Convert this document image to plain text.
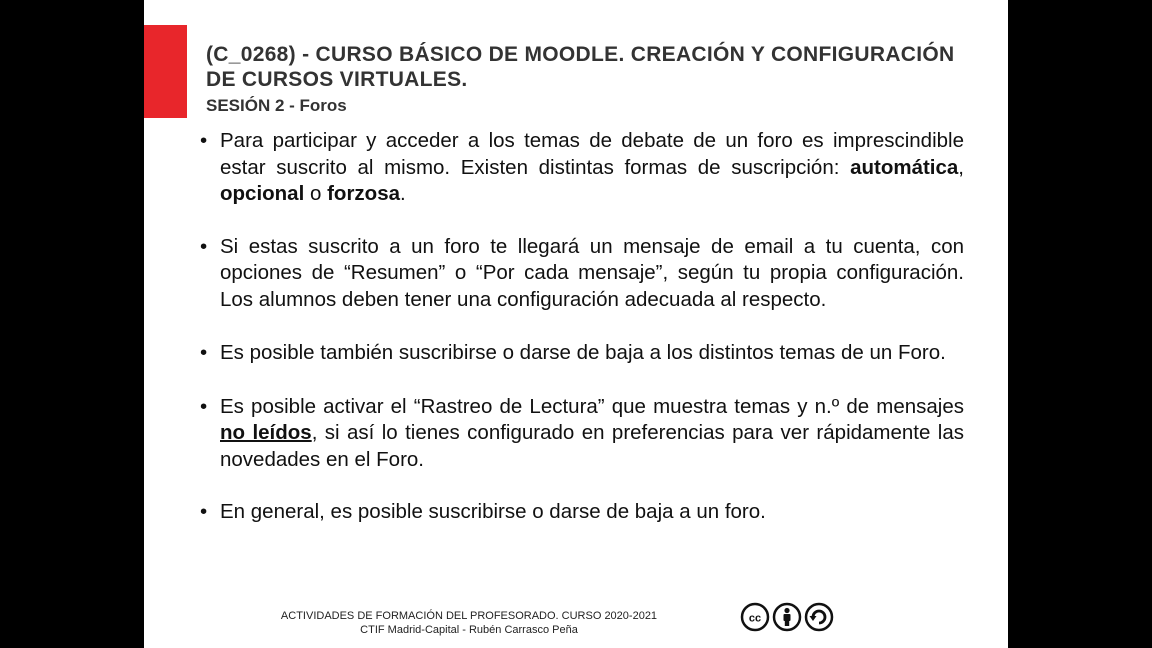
(C_0268) - CURSO BÁSICO DE MOODLE. CREACIÓN Y CONFIGURACIÓN DE CURSOS VIRTUALES.
SESIÓN 2 - Foros
• Para participar y acceder a los temas de debate de un foro es imprescindible estar suscrito al mismo. Existen distintas formas de suscripción: automática, opcional o forzosa.
• Si estas suscrito a un foro te llegará un mensaje de email a tu cuenta, con opciones de “Resumen” o “Por cada mensaje”, según tu propia configuración. Los alumnos deben tener una configuración adecuada al respecto.
• Es posible también suscribirse o darse de baja a los distintos temas de un Foro.
• Es posible activar el “Rastreo de Lectura” que muestra temas y n.º de mensajes no leídos, si así lo tienes configurado en preferencias para ver rápidamente las novedades en el Foro.
• En general, es posible suscribirse o darse de baja a un foro.
ACTIVIDADES DE FORMACIÓN DEL PROFESORADO. CURSO 2020-2021
CTIF Madrid-Capital - Rubén Carrasco Peña
cc
